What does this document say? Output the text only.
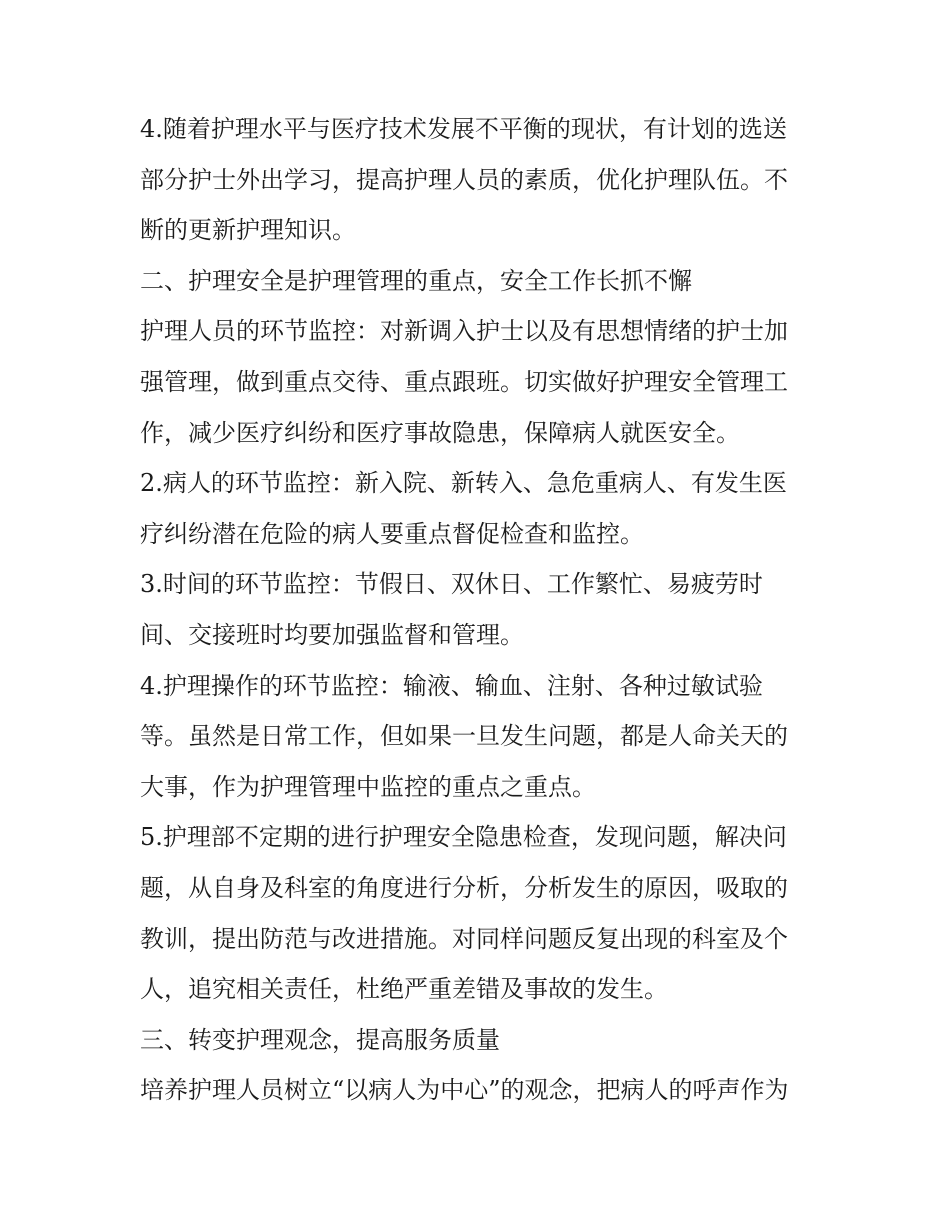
4.随着护理水平与医疗技术发展不平衡的现状，有计划的选送
部分护士外出学习，提高护理人员的素质，优化护理队伍。不
断的更新护理知识。
二、护理安全是护理管理的重点，安全工作长抓不懈
护理人员的环节监控：对新调入护士以及有思想情绪的护士加
强管理，做到重点交待、重点跟班。切实做好护理安全管理工
作，减少医疗纠纷和医疗事故隐患，保障病人就医安全。
2.病人的环节监控：新入院、新转入、急危重病人、有发生医
疗纠纷潜在危险的病人要重点督促检查和监控。
3.时间的环节监控：节假日、双休日、工作繁忙、易疲劳时
间、交接班时均要加强监督和管理。
4.护理操作的环节监控：输液、输血、注射、各种过敏试验
等。虽然是日常工作，但如果一旦发生问题，都是人命关天的
大事，作为护理管理中监控的重点之重点。
5.护理部不定期的进行护理安全隐患检查，发现问题，解决问
题，从自身及科室的角度进行分析，分析发生的原因，吸取的
教训，提出防范与改进措施。对同样问题反复出现的科室及个
人，追究相关责任，杜绝严重差错及事故的发生。
三、转变护理观念，提高服务质量
培养护理人员树立“以病人为中心”的观念，把病人的呼声作为
